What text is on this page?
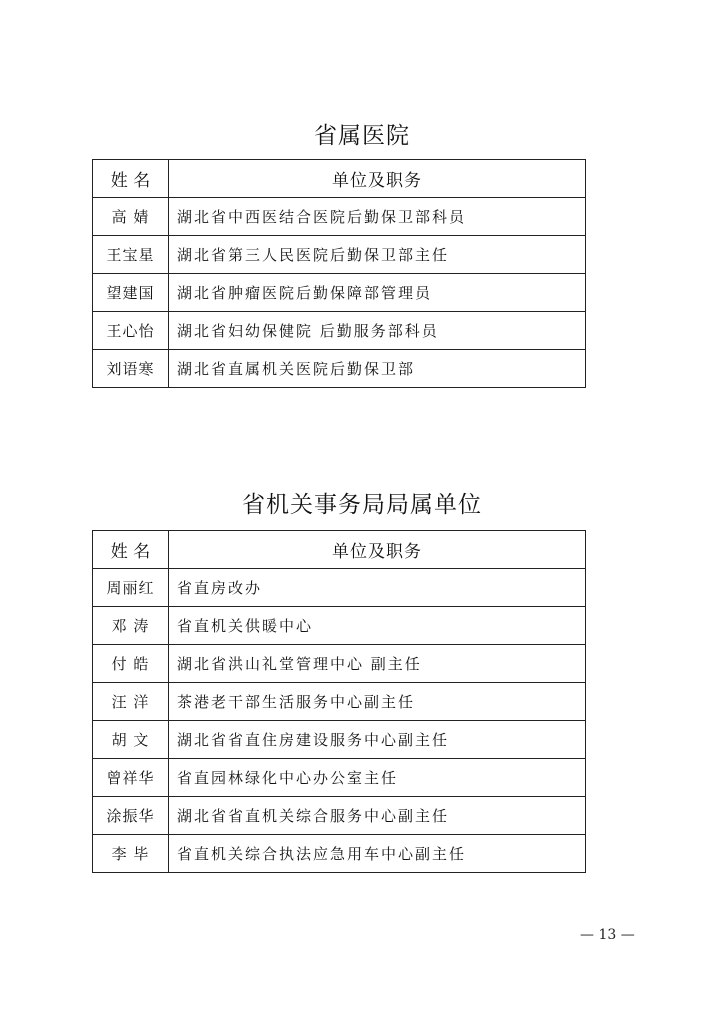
省属医院
姓 名	单位及职务
高 婧	湖北省中西医结合医院后勤保卫部科员
王宝星	湖北省第三人民医院后勤保卫部主任
望建国	湖北省肿瘤医院后勤保障部管理员
王心怡	湖北省妇幼保健院 后勤服务部科员
刘语寒	湖北省直属机关医院后勤保卫部
省机关事务局局属单位
姓 名	单位及职务
周丽红	省直房改办
邓 涛	省直机关供暖中心
付 皓	湖北省洪山礼堂管理中心 副主任
汪 洋	茶港老干部生活服务中心副主任
胡 文	湖北省省直住房建设服务中心副主任
曾祥华	省直园林绿化中心办公室主任
涂振华	湖北省省直机关综合服务中心副主任
李 毕	省直机关综合执法应急用车中心副主任
— 13 —
